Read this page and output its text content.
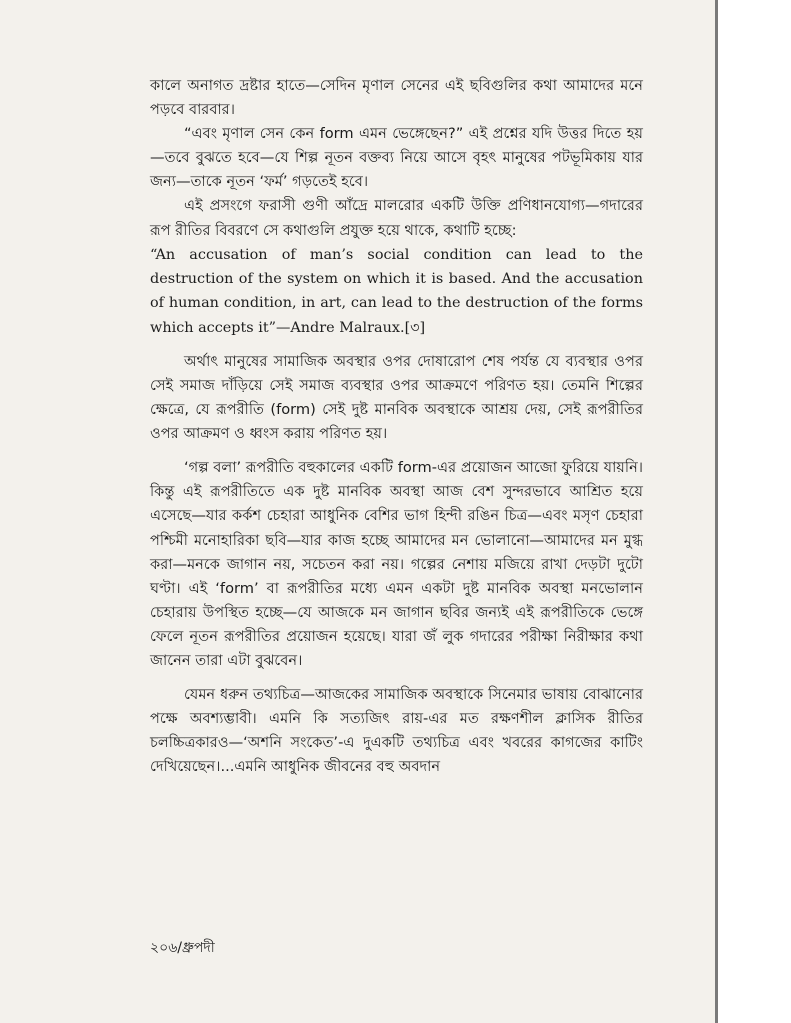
কালে অনাগত দ্রষ্টার হাতে—সেদিন মৃণাল সেনের এই ছবিগুলির কথা আমাদের মনে পড়বে বারবার।

“এবং মৃণাল সেন কেন form এমন ভেঙ্গেছেন?” এই প্রশ্নের যদি উত্তর দিতে হয়—তবে বুঝতে হবে—যে শিল্প নূতন বক্তব্য নিয়ে আসে বৃহৎ মানুষের পটভূমিকায় যার জন্য—তাকে নূতন ‘ফর্ম’ গড়তেই হবে।

এই প্রসংগে ফরাসী গুণী আঁদ্রে মালরোর একটি উক্তি প্রণিধানযোগ্য—গদারের রূপ রীতির বিবরণে সে কথাগুলি প্রযুক্ত হয়ে থাকে, কথাটি হচ্ছে:

“An accusation of man’s social condition can lead to the destruction of the system on which it is based. And the accusation of human condition, in art, can lead to the destruction of the forms which accepts it”—Andre Malraux.[৩]

অর্থাৎ মানুষের সামাজিক অবস্থার ওপর দোষারোপ শেষ পর্যন্ত যে ব্যবস্থার ওপর সেই সমাজ দাঁড়িয়ে সেই সমাজ ব্যবস্থার ওপর আক্রমণে পরিণত হয়। তেমনি শিল্পের ক্ষেত্রে, যে রূপরীতি (form) সেই দুষ্ট মানবিক অবস্থাকে আশ্রয় দেয়, সেই রূপরীতির ওপর আক্রমণ ও ধ্বংস করায় পরিণত হয়।

‘গল্প বলা’ রূপরীতি বহুকালের একটি form-এর প্রয়োজন আজো ফুরিয়ে যায়নি। কিন্তু এই রূপরীতিতে এক দুষ্ট মানবিক অবস্থা আজ বেশ সুন্দরভাবে আশ্রিত হয়ে এসেছে—যার কর্কশ চেহারা আধুনিক বেশির ভাগ হিন্দী রঙিন চিত্র—এবং মসৃণ চেহারা পশ্চিমী মনোহারিকা ছবি—যার কাজ হচ্ছে আমাদের মন ভোলানো—আমাদের মন মুগ্ধ করা—মনকে জাগান নয়, সচেতন করা নয়। গল্পের নেশায় মজিয়ে রাখা দেড়টা দুটো ঘণ্টা। এই ‘form’ বা রূপরীতির মধ্যে এমন একটা দুষ্ট মানবিক অবস্থা মনভোলান চেহারায় উপস্থিত হচ্ছে—যে আজকে মন জাগান ছবির জন্যই এই রূপরীতিকে ভেঙ্গে ফেলে নূতন রূপরীতির প্রয়োজন হয়েছে। যারা জঁ লুক গদারের পরীক্ষা নিরীক্ষার কথা জানেন তারা এটা বুঝবেন।

যেমন ধরুন তথ্যচিত্র—আজকের সামাজিক অবস্থাকে সিনেমার ভাষায় বোঝানোর পক্ষে অবশ্যম্ভাবী। এমনি কি সত্যজিৎ রায়-এর মত রক্ষণশীল ক্লাসিক রীতির চলচ্চিত্রকারও—‘অশনি সংকেত’-এ দুএকটি তথ্যচিত্র এবং খবরের কাগজের কাটিং দেখিয়েছেন।...এমনি আধুনিক জীবনের বহু অবদান

২০৬/ধ্রুপদী
